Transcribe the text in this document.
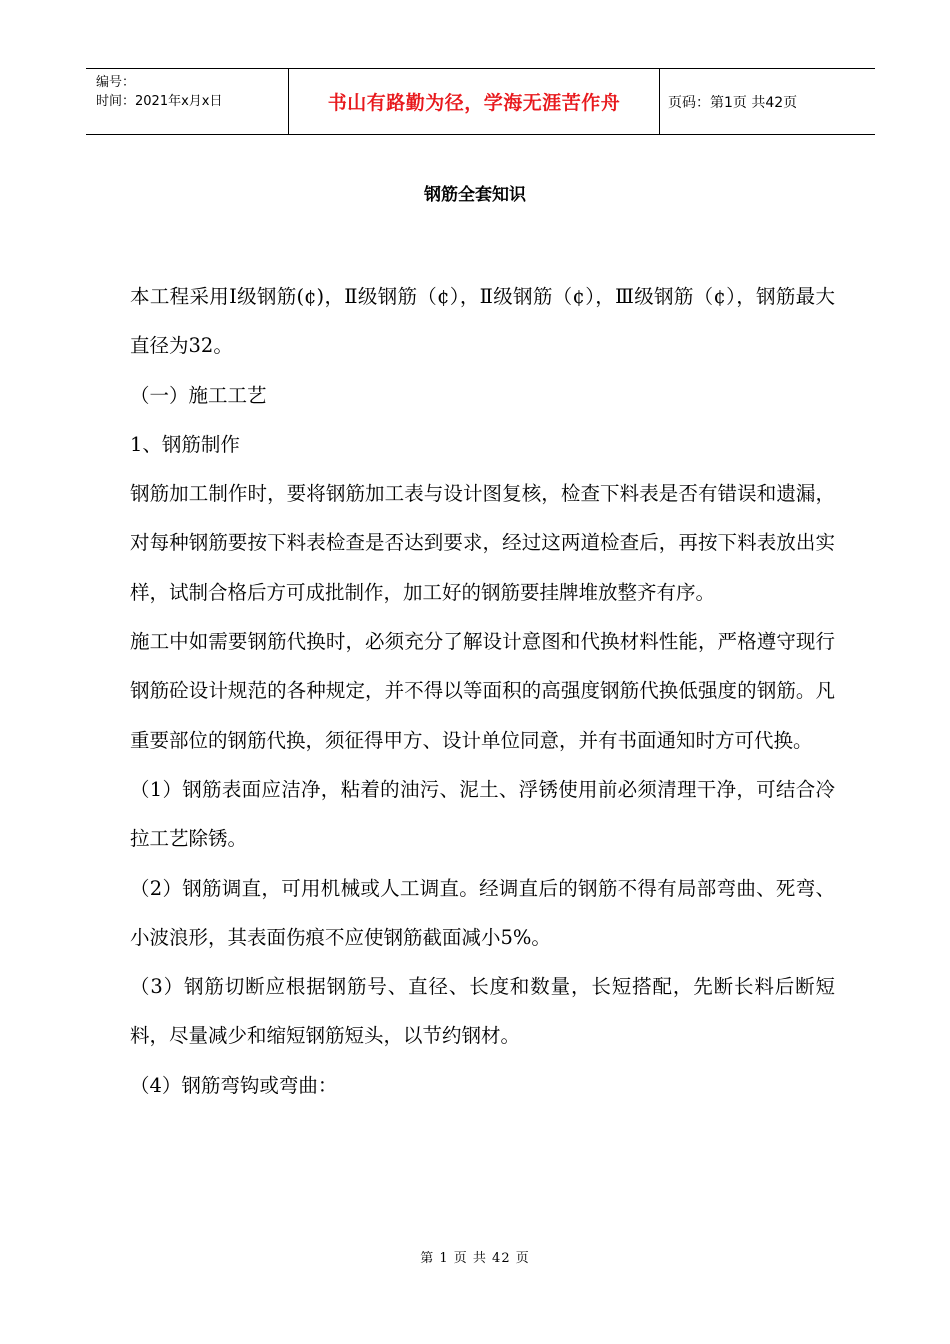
编号：
时间：2021年x月x日	书山有路勤为径，学海无涯苦作舟	页码：第1页 共42页
钢筋全套知识

本工程采用Ⅰ级钢筋(¢)，Ⅱ级钢筋（¢），Ⅱ级钢筋（¢），Ⅲ级钢筋（¢），钢筋最大直径为32。

（一）施工工艺

1、钢筋制作

钢筋加工制作时，要将钢筋加工表与设计图复核，检查下料表是否有错误和遗漏，对每种钢筋要按下料表检查是否达到要求，经过这两道检查后，再按下料表放出实样，试制合格后方可成批制作，加工好的钢筋要挂牌堆放整齐有序。

施工中如需要钢筋代换时，必须充分了解设计意图和代换材料性能，严格遵守现行钢筋砼设计规范的各种规定，并不得以等面积的高强度钢筋代换低强度的钢筋。凡重要部位的钢筋代换，须征得甲方、设计单位同意，并有书面通知时方可代换。

（1）钢筋表面应洁净，粘着的油污、泥土、浮锈使用前必须清理干净，可结合冷拉工艺除锈。

（2）钢筋调直，可用机械或人工调直。经调直后的钢筋不得有局部弯曲、死弯、小波浪形，其表面伤痕不应使钢筋截面减小5%。

（3）钢筋切断应根据钢筋号、直径、长度和数量，长短搭配，先断长料后断短料，尽量减少和缩短钢筋短头，以节约钢材。

（4）钢筋弯钩或弯曲：

第 1 页 共 42 页
